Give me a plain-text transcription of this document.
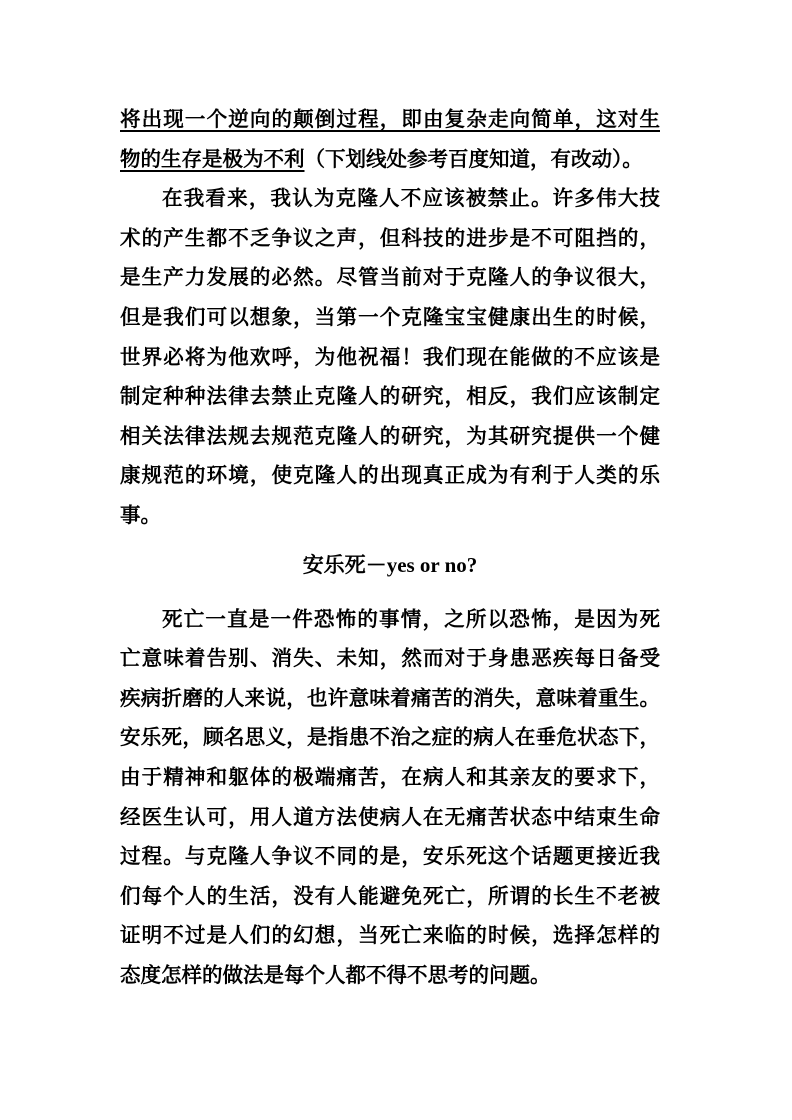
将出现一个逆向的颠倒过程，即由复杂走向简单，这对生
物的生存是极为不利（下划线处参考百度知道，有改动）。
在我看来，我认为克隆人不应该被禁止。许多伟大技
术的产生都不乏争议之声，但科技的进步是不可阻挡的，
是生产力发展的必然。尽管当前对于克隆人的争议很大，
但是我们可以想象，当第一个克隆宝宝健康出生的时候，
世界必将为他欢呼，为他祝福！我们现在能做的不应该是
制定种种法律去禁止克隆人的研究，相反，我们应该制定
相关法律法规去规范克隆人的研究，为其研究提供一个健
康规范的环境，使克隆人的出现真正成为有利于人类的乐
事。
安乐死－yes or no?
死亡一直是一件恐怖的事情，之所以恐怖，是因为死
亡意味着告别、消失、未知，然而对于身患恶疾每日备受
疾病折磨的人来说，也许意味着痛苦的消失，意味着重生。
安乐死，顾名思义，是指患不治之症的病人在垂危状态下，
由于精神和躯体的极端痛苦，在病人和其亲友的要求下，
经医生认可，用人道方法使病人在无痛苦状态中结束生命
过程。与克隆人争议不同的是，安乐死这个话题更接近我
们每个人的生活，没有人能避免死亡，所谓的长生不老被
证明不过是人们的幻想，当死亡来临的时候，选择怎样的
态度怎样的做法是每个人都不得不思考的问题。
